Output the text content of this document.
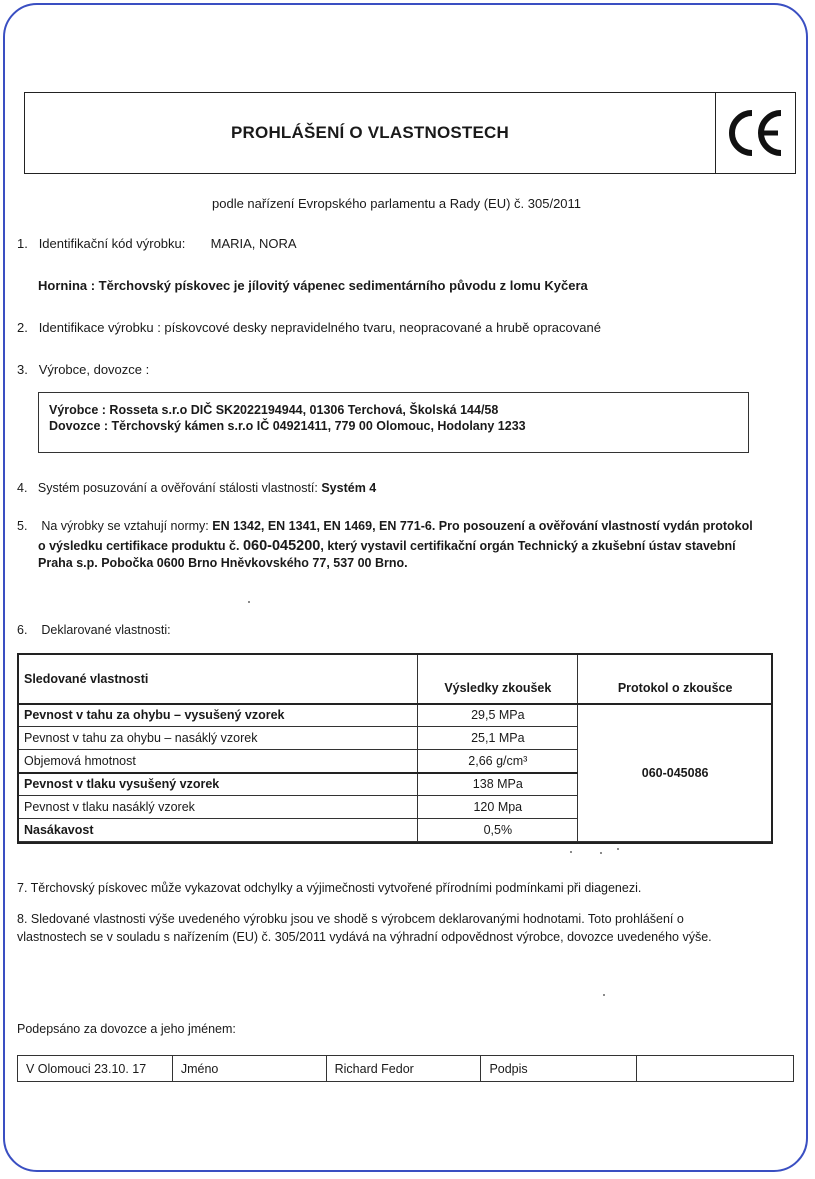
PROHLÁŠENÍ O VLASTNOSTECH
podle nařízení Evropského parlamentu a Rady (EU) č. 305/2011
1. Identifikační kód výrobku: MARIA, NORA
Hornina : Těrchovský pískovec je jílovitý vápenec sedimentárního původu z lomu Kyčera
2. Identifikace výrobku : pískovcové desky nepravidelného tvaru, neopracované a hrubě opracované
3. Výrobce, dovozce :
Výrobce : Rosseta s.r.o DIČ SK2022194944, 01306 Terchová, Školská 144/58
Dovozce : Těrchovský kámen s.r.o IČ 04921411, 779 00 Olomouc, Hodolany 1233
4. Systém posuzování a ověřování stálosti vlastností: Systém 4
5. Na výrobky se vztahují normy: EN 1342, EN 1341, EN 1469, EN 771-6. Pro posouzení a ověřování vlastností vydán protokol
o výsledku certifikace produktu č. 060-045200, který vystavil certifikační orgán Technický a zkušební ústav stavební
Praha s.p. Pobočka 0600 Brno Hněvkovského 77, 537 00 Brno.
6. Deklarované vlastnosti:
Sledované vlastnosti	Výsledky zkoušek	Protokol o zkoušce
Pevnost v tahu za ohybu – vysušený vzorek	29,5 MPa	060-045086
Pevnost v tahu za ohybu – nasáklý vzorek	25,1 MPa	
Objemová hmotnost	2,66 g/cm³	
Pevnost v tlaku vysušený vzorek	138 MPa	
Pevnost v tlaku nasáklý vzorek	120 Mpa	
Nasákavost	0,5%	
7. Těrchovský pískovec může vykazovat odchylky a výjimečnosti vytvořené přírodními podmínkami při diagenezi.
8. Sledované vlastnosti výše uvedeného výrobku jsou ve shodě s výrobcem deklarovanými hodnotami. Toto prohlášení o
vlastnostech se v souladu s nařízením (EU) č. 305/2011 vydává na výhradní odpovědnost výrobce, dovozce uvedeného výše.
Podepsáno za dovozce a jeho jménem:
V Olomouci 23.10. 17	Jméno	Richard Fedor	Podpis	
